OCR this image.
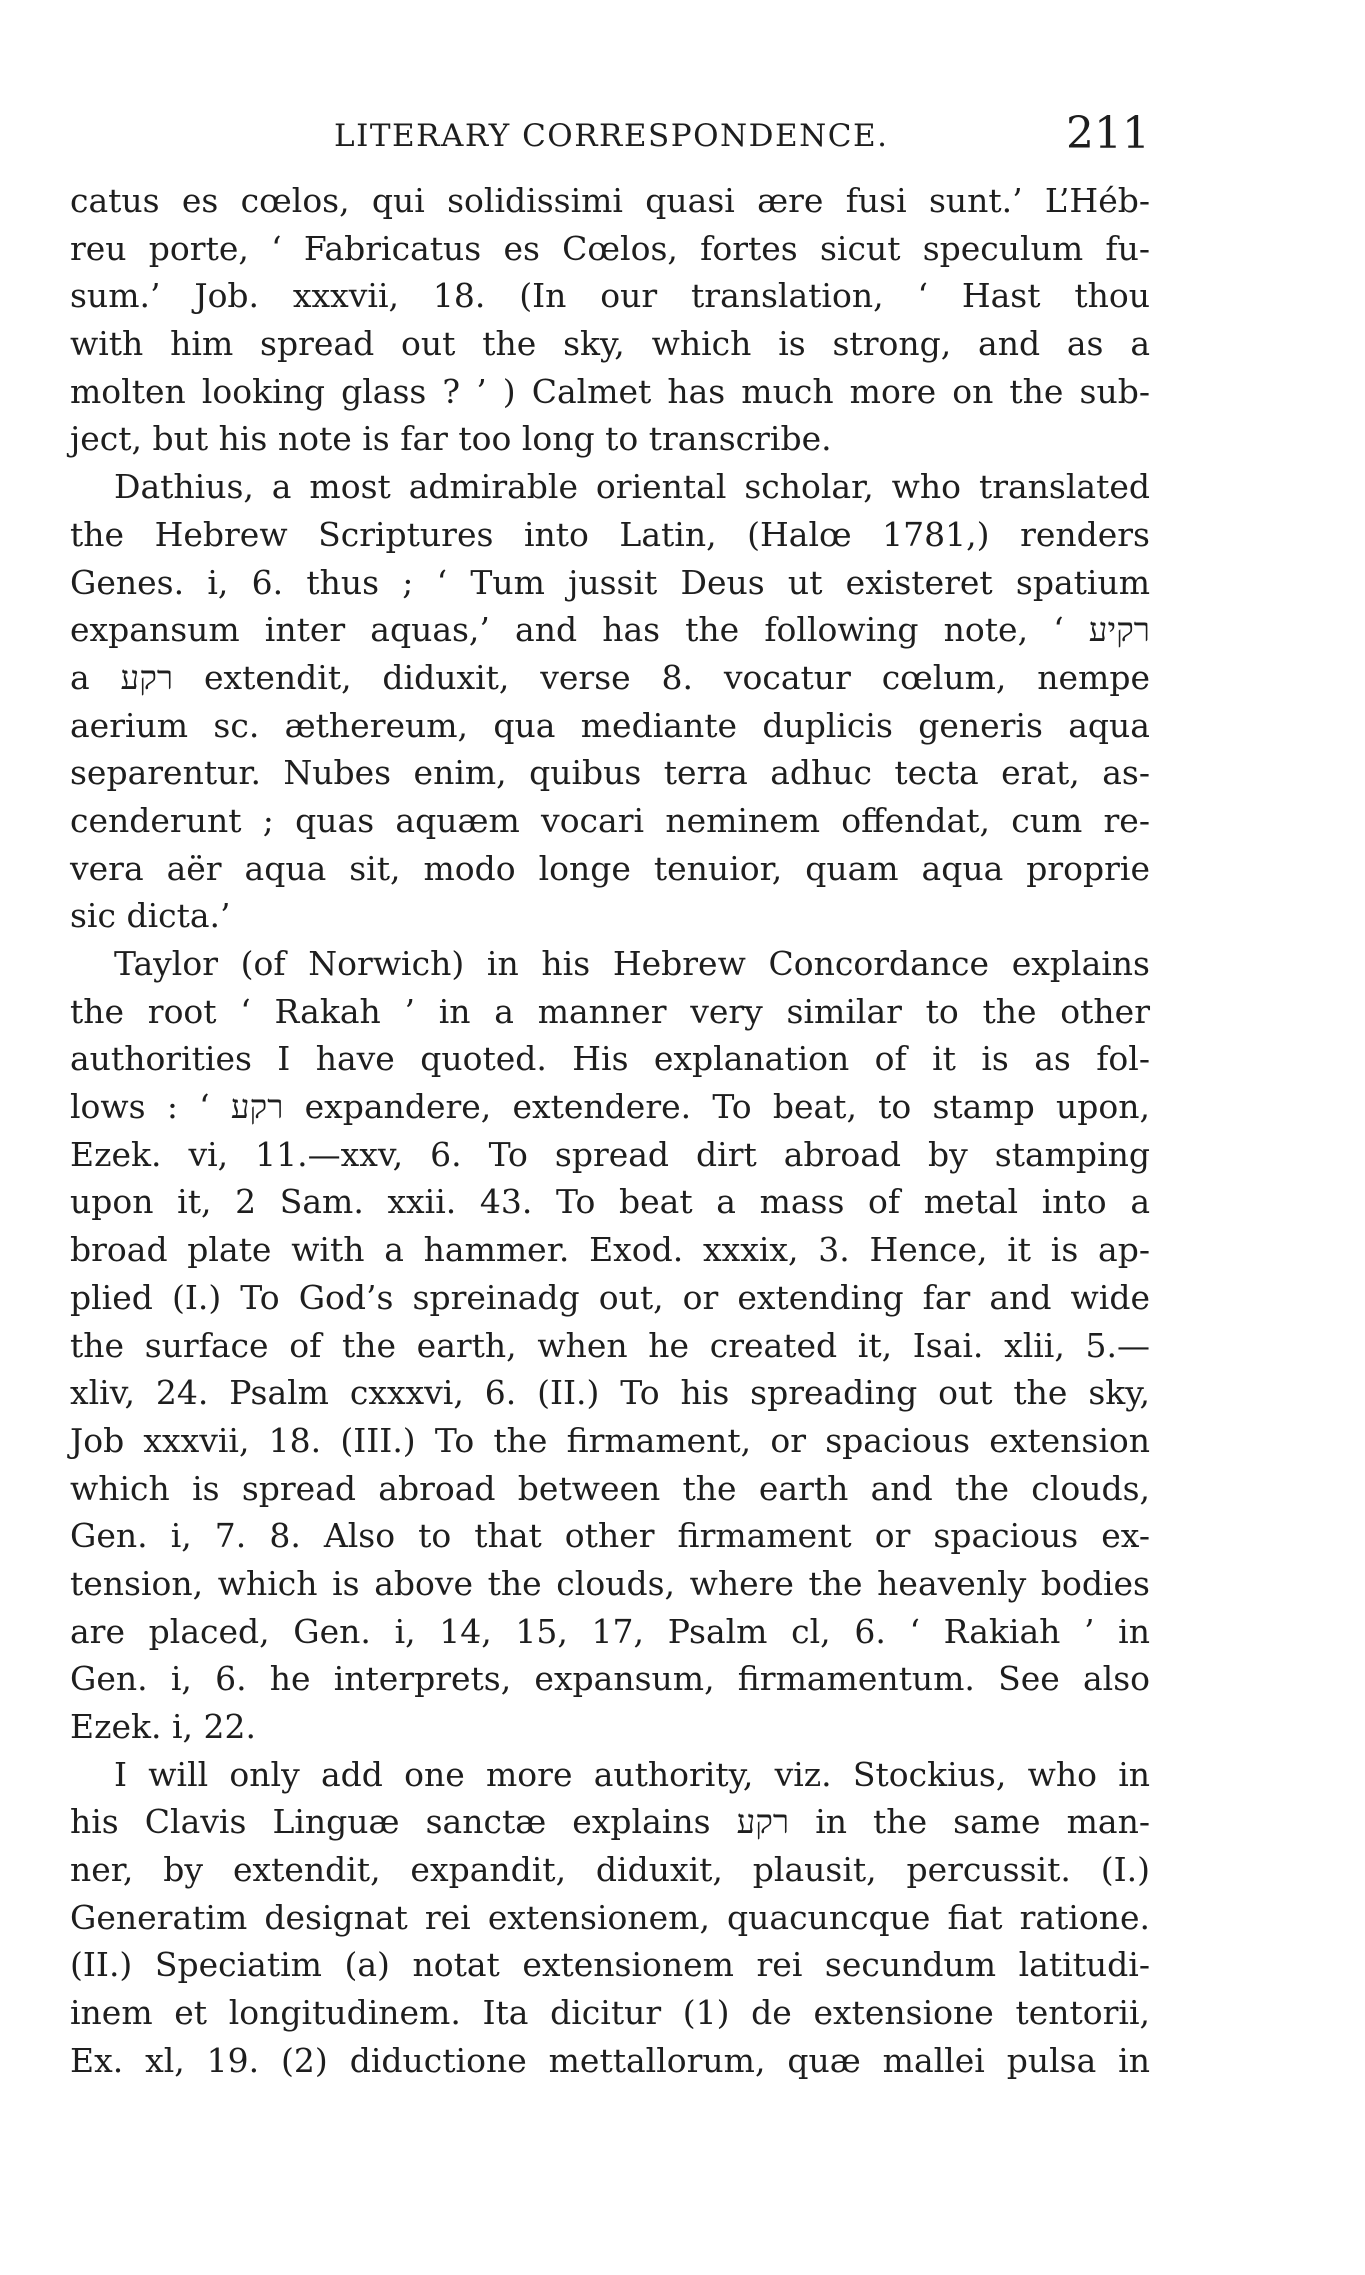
LITERARY CORRESPONDENCE.	211
catus es cœlos, qui solidissimi quasi ære fusi sunt.’ L’Héb-
reu porte, ‘ Fabricatus es Cœlos, fortes sicut speculum fu-
sum.’ Job. xxxvii, 18. (In our translation, ‘ Hast thou
with him spread out the sky, which is strong, and as a
molten looking glass ? ’ ) Calmet has much more on the sub-
ject, but his note is far too long to transcribe.
Dathius, a most admirable oriental scholar, who translated
the Hebrew Scriptures into Latin, (Halœ 1781,) renders
Genes. i, 6. thus ; ‘ Tum jussit Deus ut existeret spatium
expansum inter aquas,’ and has the following note, ‘ רקיע
a רקע extendit, diduxit, verse 8. vocatur cœlum, nempe
aerium sc. æthereum, qua mediante duplicis generis aqua
separentur. Nubes enim, quibus terra adhuc tecta erat, as-
cenderunt ; quas aquæm vocari neminem offendat, cum re-
vera aër aqua sit, modo longe tenuior, quam aqua proprie
sic dicta.’
Taylor (of Norwich) in his Hebrew Concordance explains
the root ‘ Rakah ’ in a manner very similar to the other
authorities I have quoted. His explanation of it is as fol-
lows : ‘ רקע expandere, extendere. To beat, to stamp upon,
Ezek. vi, 11.—xxv, 6. To spread dirt abroad by stamping
upon it, 2 Sam. xxii. 43. To beat a mass of metal into a
broad plate with a hammer. Exod. xxxix, 3. Hence, it is ap-
plied (I.) To God’s spreinadg out, or extending far and wide
the surface of the earth, when he created it, Isai. xlii, 5.—
xliv, 24. Psalm cxxxvi, 6. (II.) To his spreading out the sky,
Job xxxvii, 18. (III.) To the firmament, or spacious extension
which is spread abroad between the earth and the clouds,
Gen. i, 7. 8. Also to that other firmament or spacious ex-
tension, which is above the clouds, where the heavenly bodies
are placed, Gen. i, 14, 15, 17, Psalm cl, 6. ‘ Rakiah ’ in
Gen. i, 6. he interprets, expansum, firmamentum. See also
Ezek. i, 22.
I will only add one more authority, viz. Stockius, who in
his Clavis Linguæ sanctæ explains רקע in the same man-
ner, by extendit, expandit, diduxit, plausit, percussit. (I.)
Generatim designat rei extensionem, quacuncque fiat ratione.
(II.) Speciatim (a) notat extensionem rei secundum latitudi-
inem et longitudinem. Ita dicitur (1) de extensione tentorii,
Ex. xl, 19. (2) diductione mettallorum, quæ mallei pulsa in
